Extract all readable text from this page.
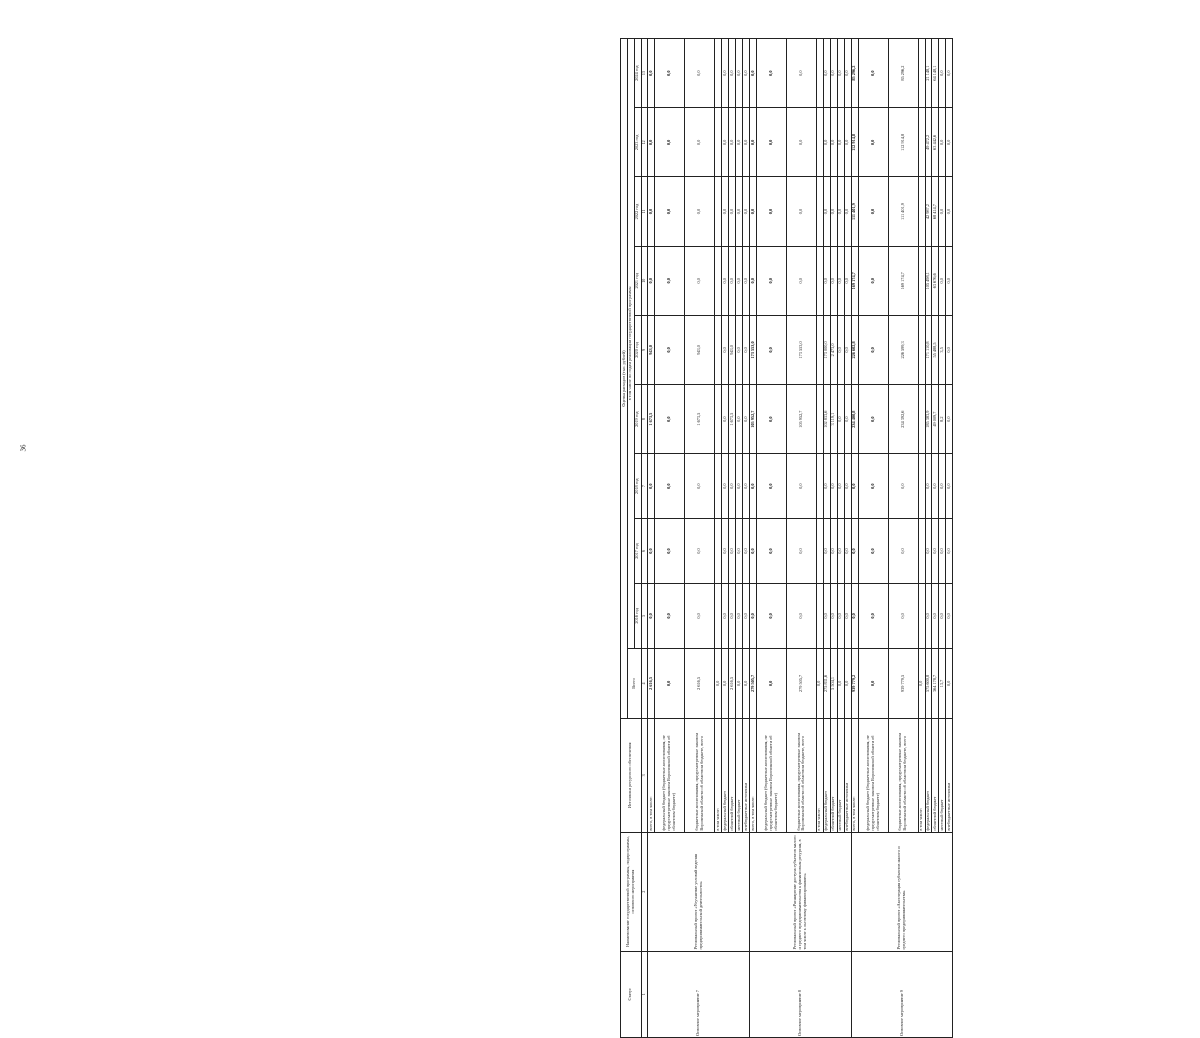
36
Статус	Наименование государственной программы, подпрограммы, основного мероприятия	Источники ресурсного обеспечения	Оценка расходов (тыс. рублей)									
			Всего	в том числе по годам реализации государственной программы								
				2016 год	2017 год	2018 год	2019 год	2020 год	2021 год	2022 год	2023 год	2024 год
1	2	3	4	5	6	7	8	9	10	11	12	13
Основное мероприятие 7	Региональный проект «Улучшение условий ведения предпринимательской деятельности»	всего, в том числе:	2 616,5	0,0	0,0	0,0	1 673,5	943,0	0,0	0,0	0,0	0,0
		федеральный бюджет (бюджетные ассигнования, не предусмотренные законом Воронежской области об областном бюджете)	0,0	0,0	0,0	0,0	0,0	0,0	0,0	0,0	0,0	0,0
		бюджетные ассигнования, предусмотренные законом Воронежской области об областном бюджете, всего	2 616,5	0,0	0,0	0,0	1 673,5	943,0	0,0	0,0	0,0	0,0
		в том числе:	0,0									
		федеральный бюджет	0,0	0,0	0,0	0,0	0,0	0,0	0,0	0,0	0,0	0,0
		областной бюджет	2 616,5	0,0	0,0	0,0	1 673,5	943,0	0,0	0,0	0,0	0,0
		местный бюджет	0,0	0,0	0,0	0,0	0,0	0,0	0,0	0,0	0,0	0,0
		внебюджетные источники	0,0	0,0	0,0	0,0	0,0	0,0	0,0	0,0	0,0	0,0
Основное мероприятие 8	Региональный проект «Расширение доступа субъектов малого и среднего предпринимательства к финансовым ресурсам, в том числе к льготному финансированию»	всего, в том числе:	279 505,7	0,0	0,0	0,0	105 952,7	173 553,0	0,0	0,0	0,0	0,0
		федеральный бюджет (бюджетные ассигнования, не предусмотренные законом Воронежской области об областном бюджете)	0,0	0,0	0,0	0,0	0,0	0,0	0,0	0,0	0,0	0,0
		бюджетные ассигнования, предусмотренные законом Воронежской области об областном бюджете, всего	279 505,7	0,0	0,0	0,0	105 952,7	173 553,0	0,0	0,0	0,0	0,0
		в том числе:	0,0									
		федеральный бюджет	275 831,6	0,0	0,0	0,0	102 833,6	173 000,0	0,0	0,0	0,0	0,0
		областной бюджет	5 504,1	0,0	0,0	0,0	3 119,1	2 473,0	0,0	0,0	0,0	0,0
		местный бюджет	0,0	0,0	0,0	0,0	0,0	0,0	0,0	0,0	0,0	0,0
		внебюджетные источники	0,0	0,0	0,0	0,0	0,0	0,0	0,0	0,0	0,0	0,0
Основное мероприятие 9	Региональный проект «Акселерация субъектов малого и среднего предпринимательства»	всего, в том числе:	939 779,2	0,0	0,0	0,0	234 400,8	226 602,8	169 174,7	111 401,9	112 914,8	85 296,2
		федеральный бюджет (бюджетные ассигнования, не предусмотренные законом Воронежской области об областном бюджете)	0,0	0,0	0,0	0,0	0,0	0,0	0,0	0,0	0,0	0,0
		бюджетные ассигнования, предусмотренные законом Воронежской области об областном бюджете, всего	939 779,5	0,0	0,0	0,0	234 392,6	226 599,3	169 174,7	111 401,9	112 914,8	85 296,2
		в том числе:	0,0									
		федеральный бюджет	575 600,8	0,0	0,0	0,0	185 383,9	171 110,8	105 498,1	42 987,2	49 472,2	21 148,1
		областной бюджет	364 178,7	0,0	0,0	0,0	49 009,7	55 488,5	63 676,6	68 414,7	63 442,6	64 148,1
		местный бюджет	13,7	0,0	0,0	0,0	8,2	3,5	0,0	0,0	0,0	0,0
		внебюджетные источники	0,0	0,0	0,0	0,0	0,0	0,0	0,0	0,0	0,0	0,0
